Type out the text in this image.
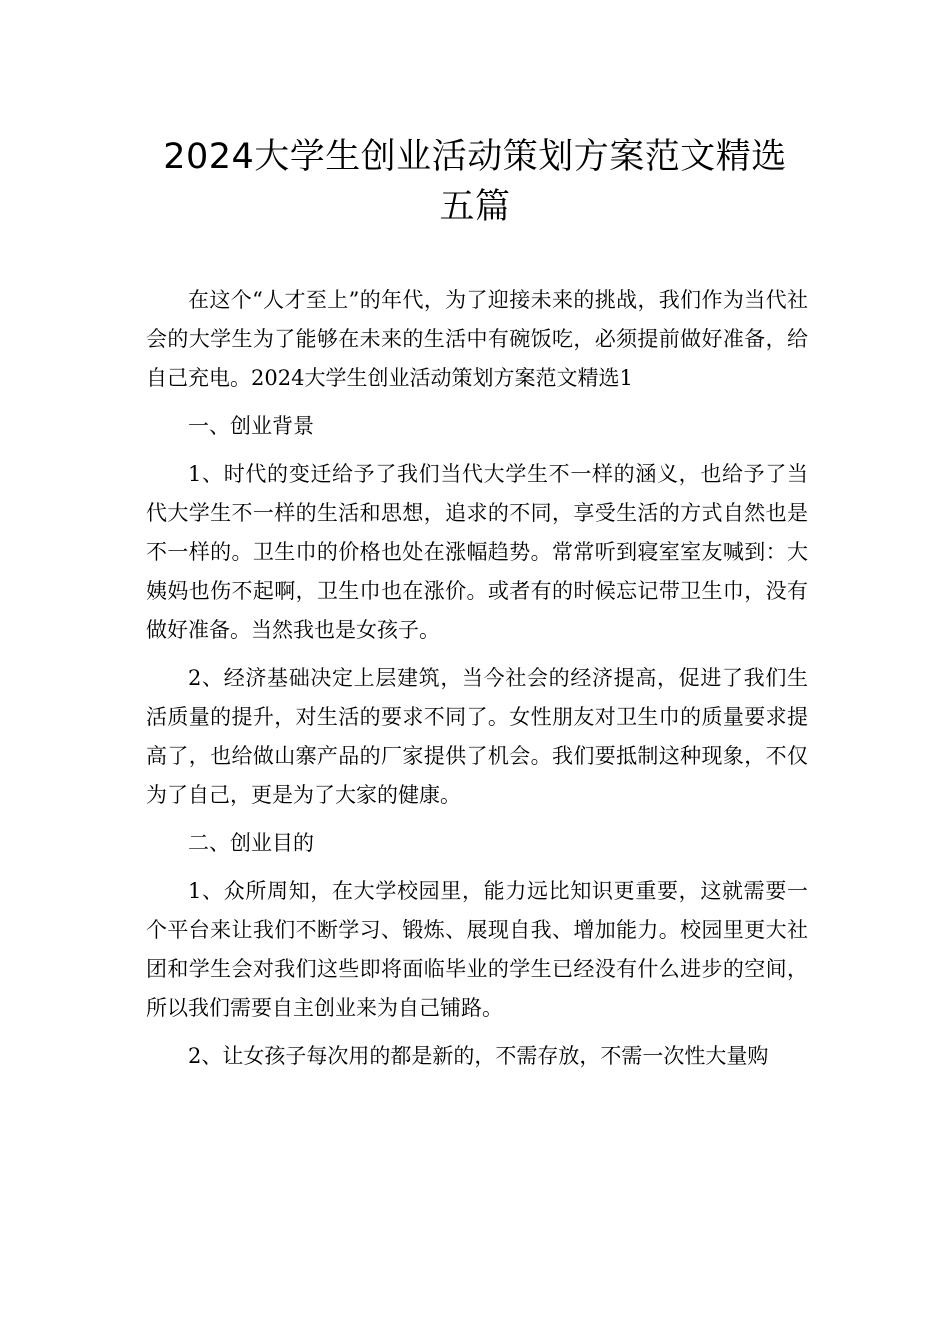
2024大学生创业活动策划方案范文精选
五篇

在这个“人才至上”的年代，为了迎接未来的挑战，我们作为当代社会的大学生为了能够在未来的生活中有碗饭吃，必须提前做好准备，给自己充电。2024大学生创业活动策划方案范文精选1

一、创业背景

1、时代的变迁给予了我们当代大学生不一样的涵义，也给予了当代大学生不一样的生活和思想，追求的不同，享受生活的方式自然也是不一样的。卫生巾的价格也处在涨幅趋势。常常听到寝室室友喊到：大姨妈也伤不起啊，卫生巾也在涨价。或者有的时候忘记带卫生巾，没有做好准备。当然我也是女孩子。

2、经济基础决定上层建筑，当今社会的经济提高，促进了我们生活质量的提升，对生活的要求不同了。女性朋友对卫生巾的质量要求提高了，也给做山寨产品的厂家提供了机会。我们要抵制这种现象，不仅为了自己，更是为了大家的健康。

二、创业目的

1、众所周知，在大学校园里，能力远比知识更重要，这就需要一个平台来让我们不断学习、锻炼、展现自我、增加能力。校园里更大社团和学生会对我们这些即将面临毕业的学生已经没有什么进步的空间，所以我们需要自主创业来为自己铺路。

2、让女孩子每次用的都是新的，不需存放，不需一次性大量购
